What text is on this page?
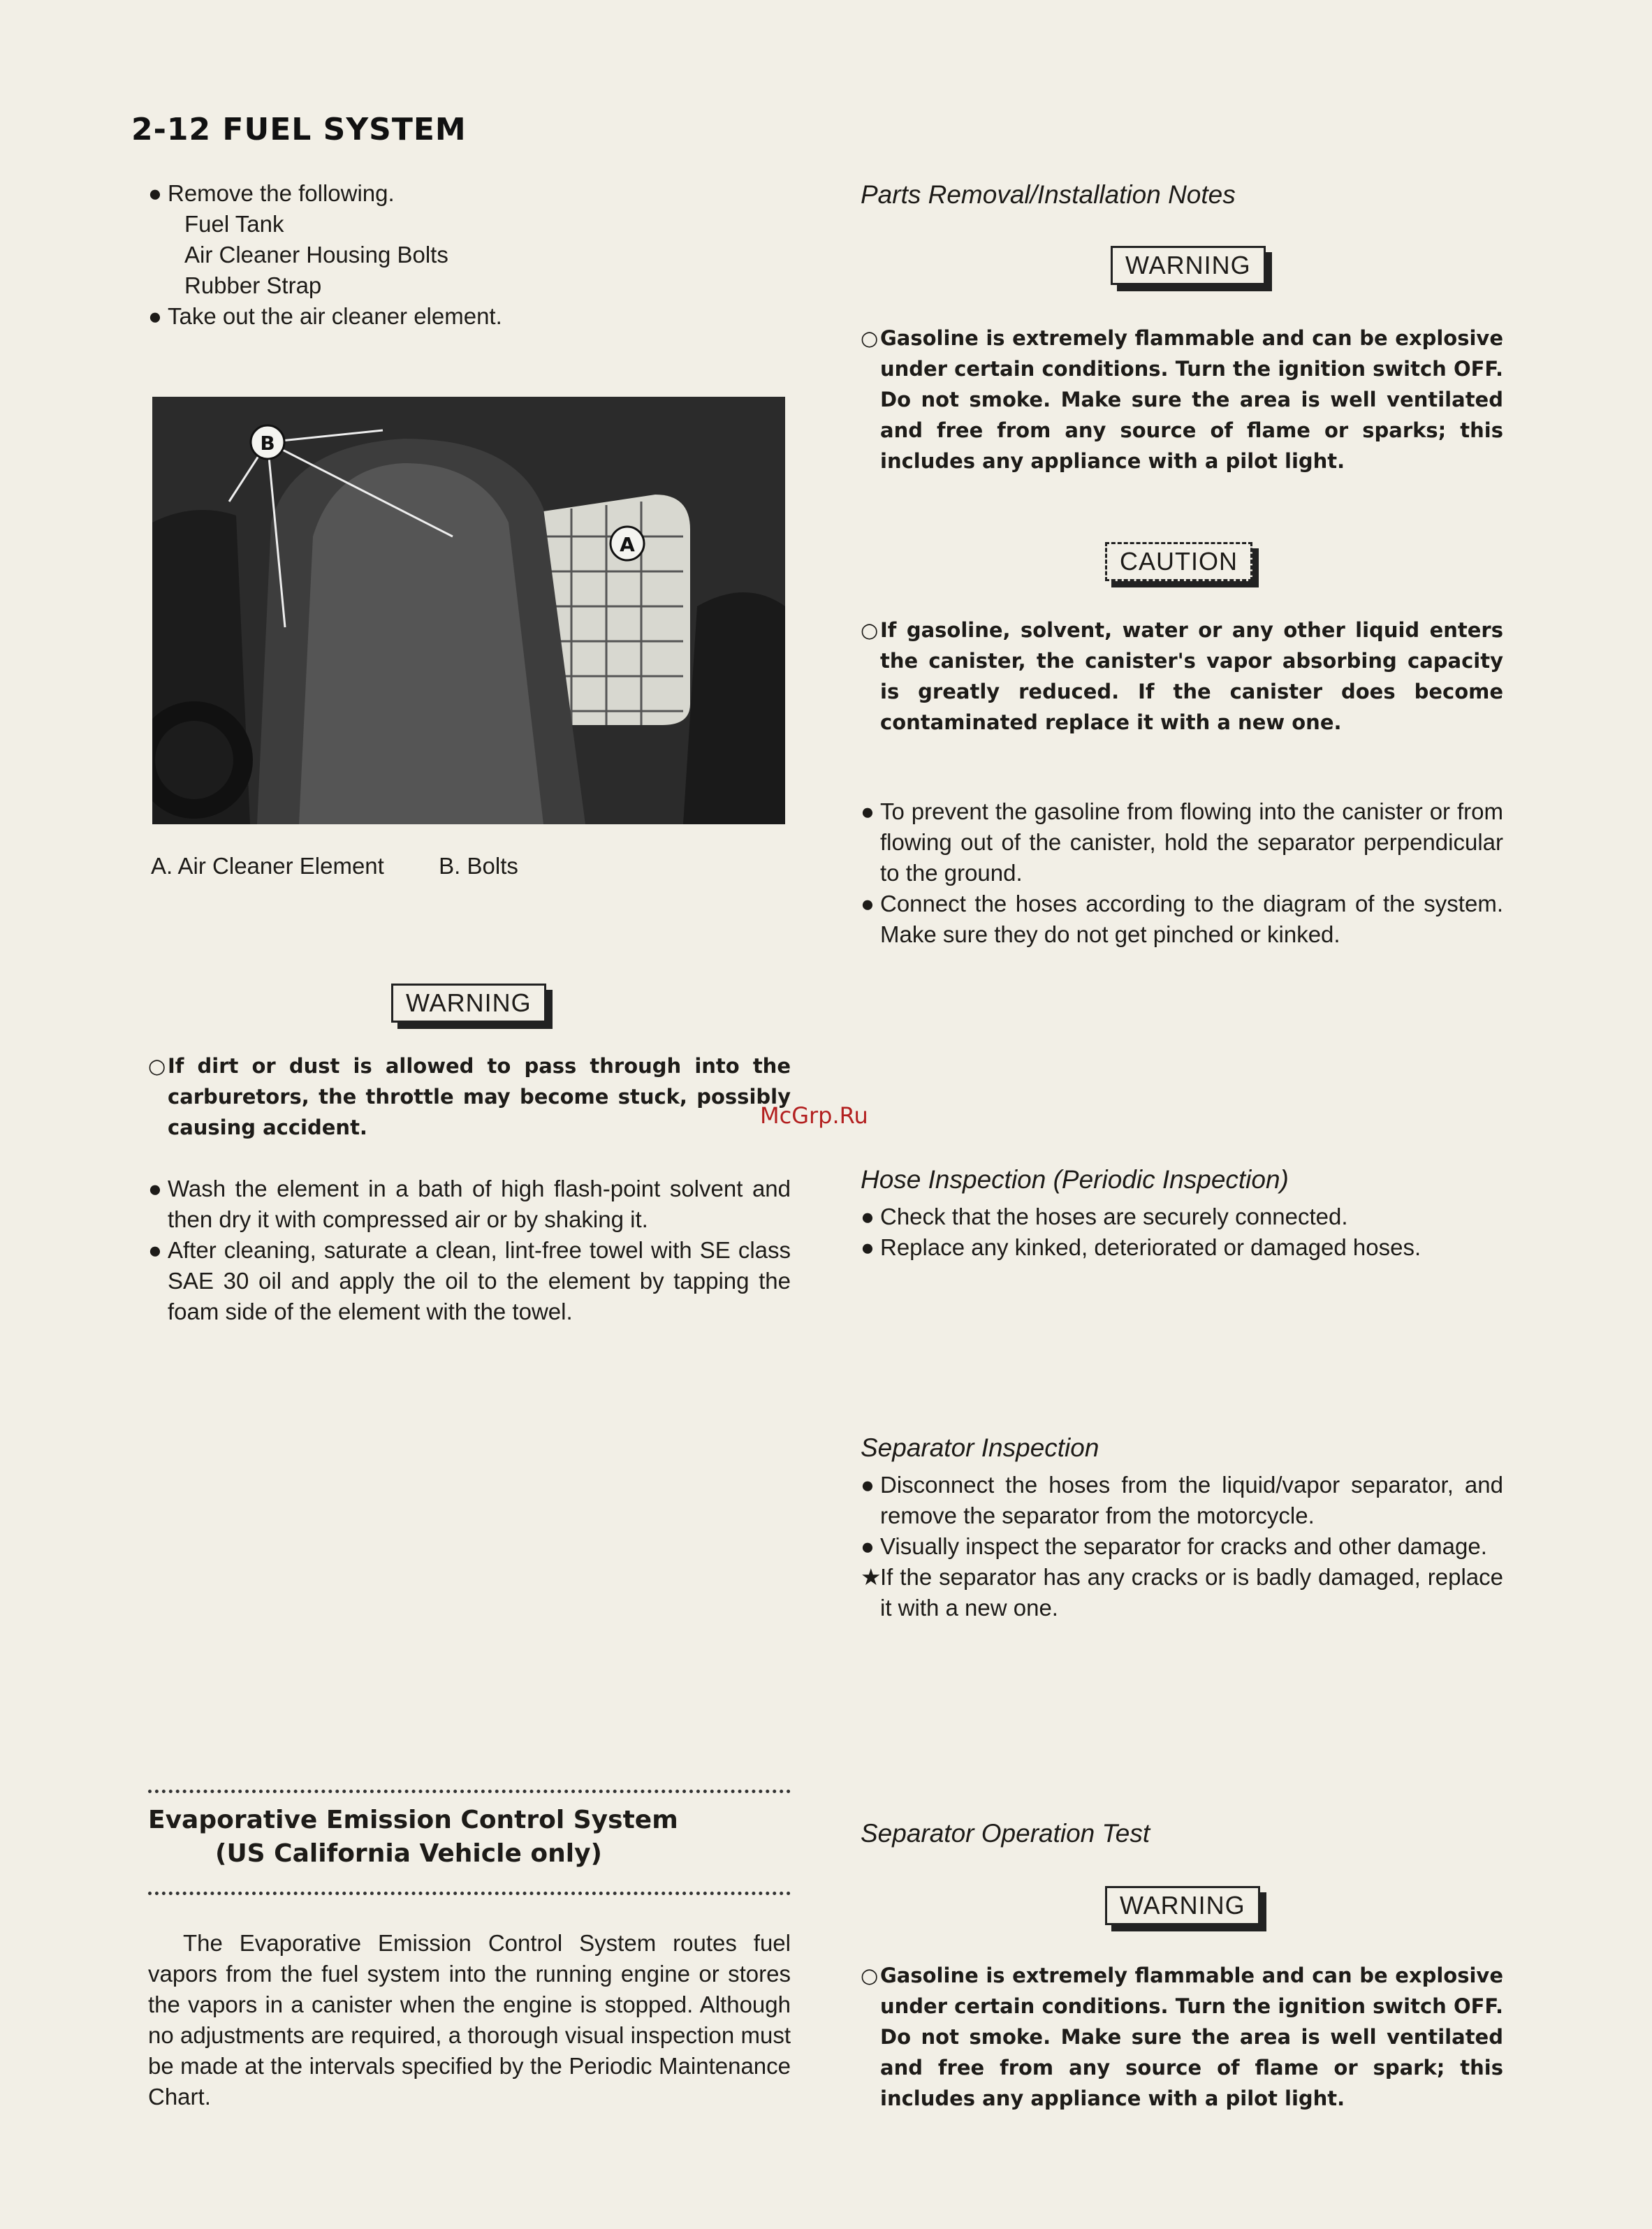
2-12 FUEL SYSTEM
● Remove the following.
Fuel Tank
Air Cleaner Housing Bolts
Rubber Strap
● Take out the air cleaner element.
B
A
A. Air Cleaner Element B. Bolts
WARNING
○ If dirt or dust is allowed to pass through into the carburetors, the throttle may become stuck, possibly causing accident.
● Wash the element in a bath of high flash-point solvent and then dry it with compressed air or by shaking it.
● After cleaning, saturate a clean, lint-free towel with SE class SAE 30 oil and apply the oil to the element by tapping the foam side of the element with the towel.
Evaporative Emission Control System
(US California Vehicle only)
The Evaporative Emission Control System routes fuel vapors from the fuel system into the running engine or stores the vapors in a canister when the engine is stopped. Although no adjustments are required, a thorough visual inspection must be made at the intervals specified by the Periodic Maintenance Chart.
Parts Removal/Installation Notes
WARNING
○ Gasoline is extremely flammable and can be explosive under certain conditions. Turn the ignition switch OFF. Do not smoke. Make sure the area is well ventilated and free from any source of flame or sparks; this includes any appliance with a pilot light.
CAUTION
○ If gasoline, solvent, water or any other liquid enters the canister, the canister's vapor absorbing capacity is greatly reduced. If the canister does become contaminated replace it with a new one.
● To prevent the gasoline from flowing into the canister or from flowing out of the canister, hold the separator perpendicular to the ground.
● Connect the hoses according to the diagram of the system. Make sure they do not get pinched or kinked.
Hose Inspection (Periodic Inspection)
● Check that the hoses are securely connected.
● Replace any kinked, deteriorated or damaged hoses.
Separator Inspection
● Disconnect the hoses from the liquid/vapor separator, and remove the separator from the motorcycle.
● Visually inspect the separator for cracks and other damage.
★
If the separator has any cracks or is badly damaged, replace it with a new one.
Separator Operation Test
WARNING
○ Gasoline is extremely flammable and can be explosive under certain conditions. Turn the ignition switch OFF. Do not smoke. Make sure the area is well ventilated and free from any source of flame or spark; this includes any appliance with a pilot light.
McGrp.Ru
